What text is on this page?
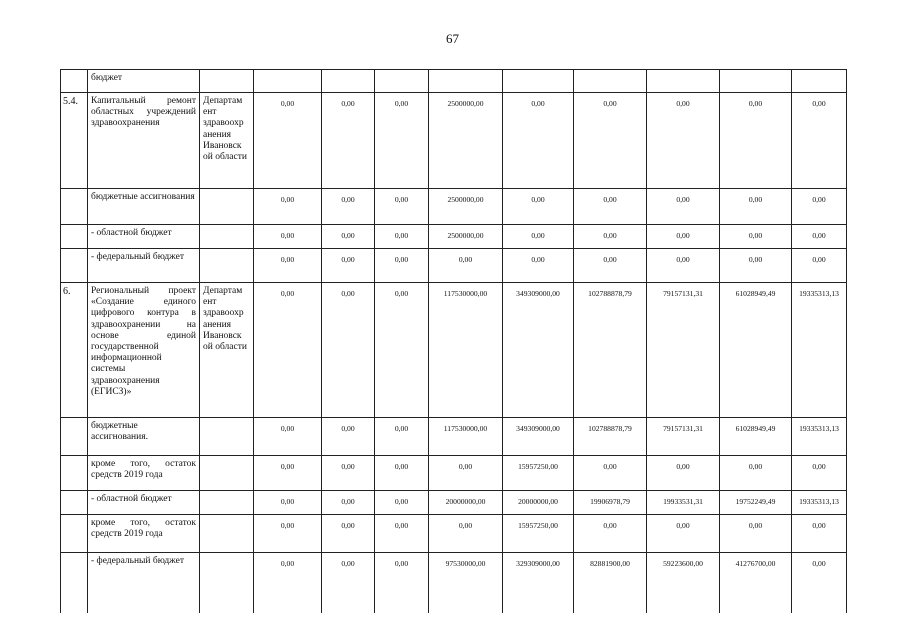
67
	бюджет										
5.4.	Капитальный ремонт областных учреждений здравоохранения	Департам ент здравоохр анения Ивановск ой области	0,00	0,00	0,00	2500000,00	0,00	0,00	0,00	0,00	0,00
	бюджетные ассигнования		0,00	0,00	0,00	2500000,00	0,00	0,00	0,00	0,00	0,00
	- областной бюджет		0,00	0,00	0,00	2500000,00	0,00	0,00	0,00	0,00	0,00
	- федеральный бюджет		0,00	0,00	0,00	0,00	0,00	0,00	0,00	0,00	0,00
6.	Региональный проект «Создание единого цифрового контура в здравоохранении на основе единой государственной информационной системы здравоохранения (ЕГИСЗ)»	Департам ент здравоохр анения Ивановск ой области	0,00	0,00	0,00	117530000,00	349309000,00	102788878,79	79157131,31	61028949,49	19335313,13
	бюджетные ассигнования.		0,00	0,00	0,00	117530000,00	349309000,00	102788878,79	79157131,31	61028949,49	19335313,13
	кроме того, остаток средств 2019 года		0,00	0,00	0,00	0,00	15957250,00	0,00	0,00	0,00	0,00
	- областной бюджет		0,00	0,00	0,00	20000000,00	20000000,00	19906978,79	19933531,31	19752249,49	19335313,13
	кроме того, остаток средств 2019 года		0,00	0,00	0,00	0,00	15957250,00	0,00	0,00	0,00	0,00
	- федеральный бюджет		0,00	0,00	0,00	97530000,00	329309000,00	82881900,00	59223600,00	41276700,00	0,00
